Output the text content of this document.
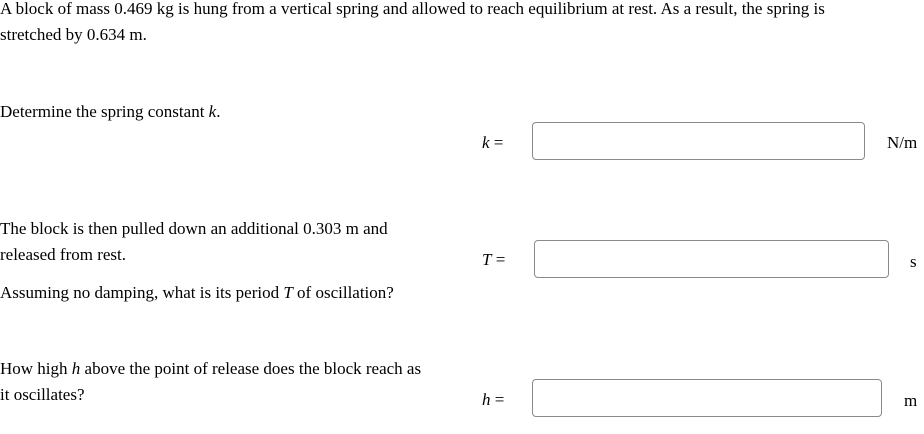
A block of mass 0.469 kg is hung from a vertical spring and allowed to reach equilibrium at rest. As a result, the spring is
stretched by 0.634 m.
Determine the spring constant k.
k =	N/m
The block is then pulled down an additional 0.303 m and
released from rest.
Assuming no damping, what is its period T of oscillation?
T =	s
How high h above the point of release does the block reach as
it oscillates?	h =	m
